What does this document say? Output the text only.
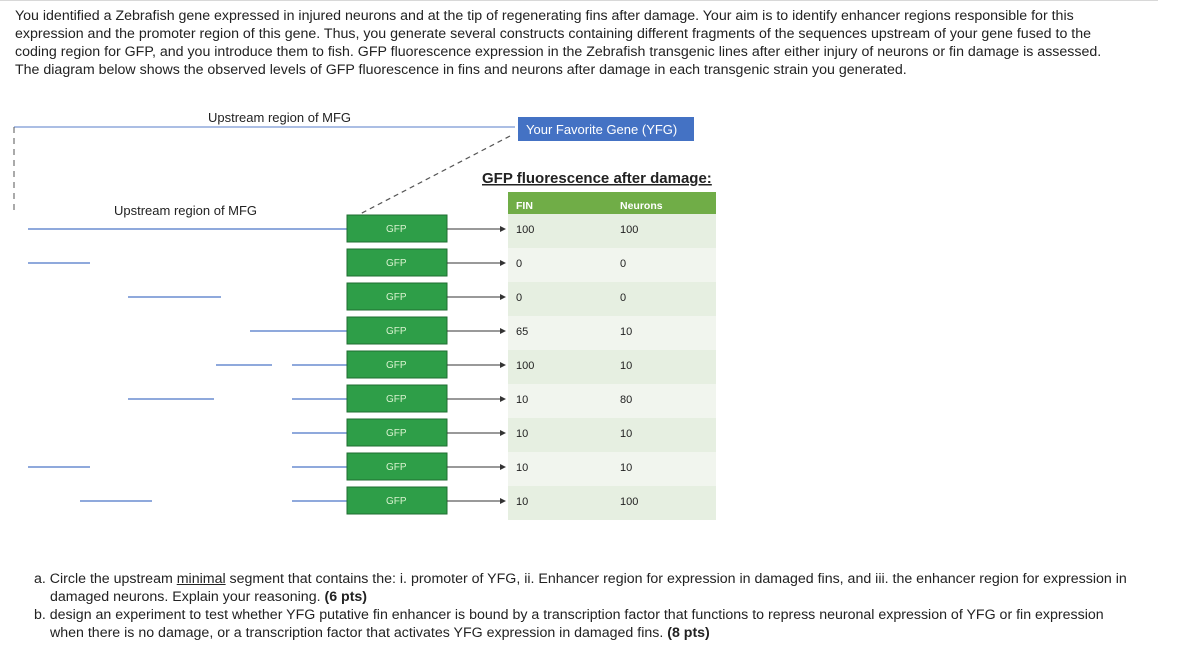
You identified a Zebrafish gene expressed in injured neurons and at the tip of regenerating fins after damage. Your aim is to identify enhancer regions responsible for this expression and the promoter region of this gene. Thus, you generate several constructs containing different fragments of the sequences upstream of your gene fused to the coding region for GFP, and you introduce them to fish. GFP fluorescence expression in the Zebrafish transgenic lines after either injury of neurons or fin damage is assessed. The diagram below shows the observed levels of GFP fluorescence in fins and neurons after damage in each transgenic strain you generated.
Upstream region of MFG
Your Favorite Gene (YFG)
Upstream region of MFG
GFP fluorescence after damage:
FIN	Neurons
GFP	100	100
GFP	0	0
GFP	0	0
GFP	65	10
GFP	100	10
GFP	10	80
GFP	10	10
GFP	10	10
GFP	10	100
a. Circle the upstream minimal segment that contains the: i. promoter of YFG, ii. Enhancer region for expression in damaged fins, and iii. the enhancer region for expression in damaged neurons. Explain your reasoning. (6 pts)
b. design an experiment to test whether YFG putative fin enhancer is bound by a transcription factor that functions to repress neuronal expression of YFG or fin expression when there is no damage, or a transcription factor that activates YFG expression in damaged fins. (8 pts)
